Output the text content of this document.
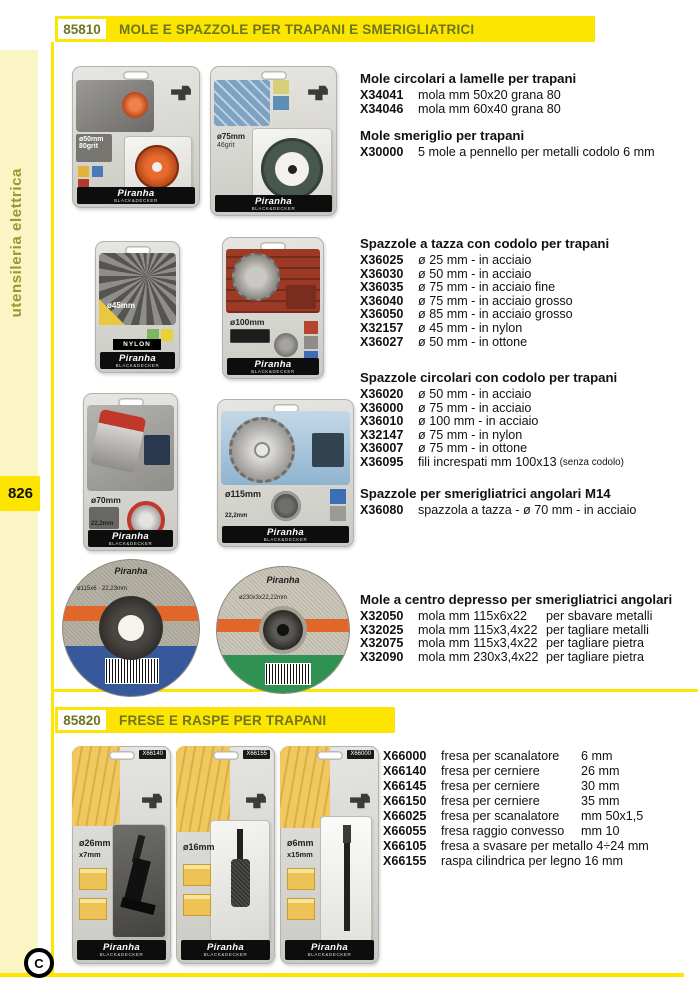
utensileria elettrica
826
C
85810	MOLE E SPAZZOLE PER TRAPANI E SMERIGLIATRICI
85820	FRESE E RASPE PER TRAPANI
Mole circolari a lamelle per trapani
X34041	mola mm 50x20 grana 80
X34046	mola mm 60x40 grana 80
Mole smeriglio per trapani
X30000	5 mole a pennello per metalli codolo 6 mm
Spazzole a tazza con codolo per trapani
X36025	ø 25 mm - in acciaio
X36030	ø 50 mm - in acciaio
X36035	ø 75 mm - in acciaio fine
X36040	ø 75 mm - in acciaio grosso
X36050	ø 85 mm - in acciaio grosso
X32157	ø 45 mm - in nylon
X36027	ø 50 mm - in ottone
Spazzole circolari con codolo per trapani
X36020	ø 50 mm - in acciaio
X36000	ø 75 mm - in acciaio
X36010	ø 100 mm - in acciaio
X32147	ø 75 mm - in nylon
X36007	ø 75 mm - in ottone
X36095	fili increspati mm 100x13 (senza codolo)
Spazzole per smerigliatrici angolari M14
X36080	spazzola a tazza - ø 70 mm - in acciaio
Mole a centro depresso per smerigliatrici angolari
X32050	mola mm 115x6x22	per sbavare metalli
X32025	mola mm 115x3,4x22 per tagliare metalli
X32075	mola mm 115x3,4x22 per tagliare pietra
X32090	mola mm 230x3,4x22 per tagliare pietra
X66000	fresa per scanalatore	6 mm
X66140	fresa per cerniere	26 mm
X66145	fresa per cerniere	30 mm
X66150	fresa per cerniere	35 mm
X66025	fresa per scanalatore	mm 50x1,5
X66055	fresa raggio convesso	mm 10
X66105	fresa a svasare per metallo 4÷24 mm
X66155	raspa cilindrica per legno 16 mm
ø50mm
80grit
Piranha
BLACK&DECKER
ø75mm
46grit
Piranha
BLACK&DECKER
ø45mm
NYLON
Piranha
BLACK&DECKER
ø100mm
Piranha
BLACK&DECKER
ø70mm
22,2mm
Piranha
BLACK&DECKER
ø115mm
22,2mm
Piranha
BLACK&DECKER
Piranha
ø115x6 · 22,23mm
Piranha
ø230x3x22,22mm
X66140
ø26mm
x7mm
Piranha
BLACK&DECKER
X66155
ø16mm
Piranha
BLACK&DECKER
X66000
ø6mm
x15mm
Piranha
BLACK&DECKER
